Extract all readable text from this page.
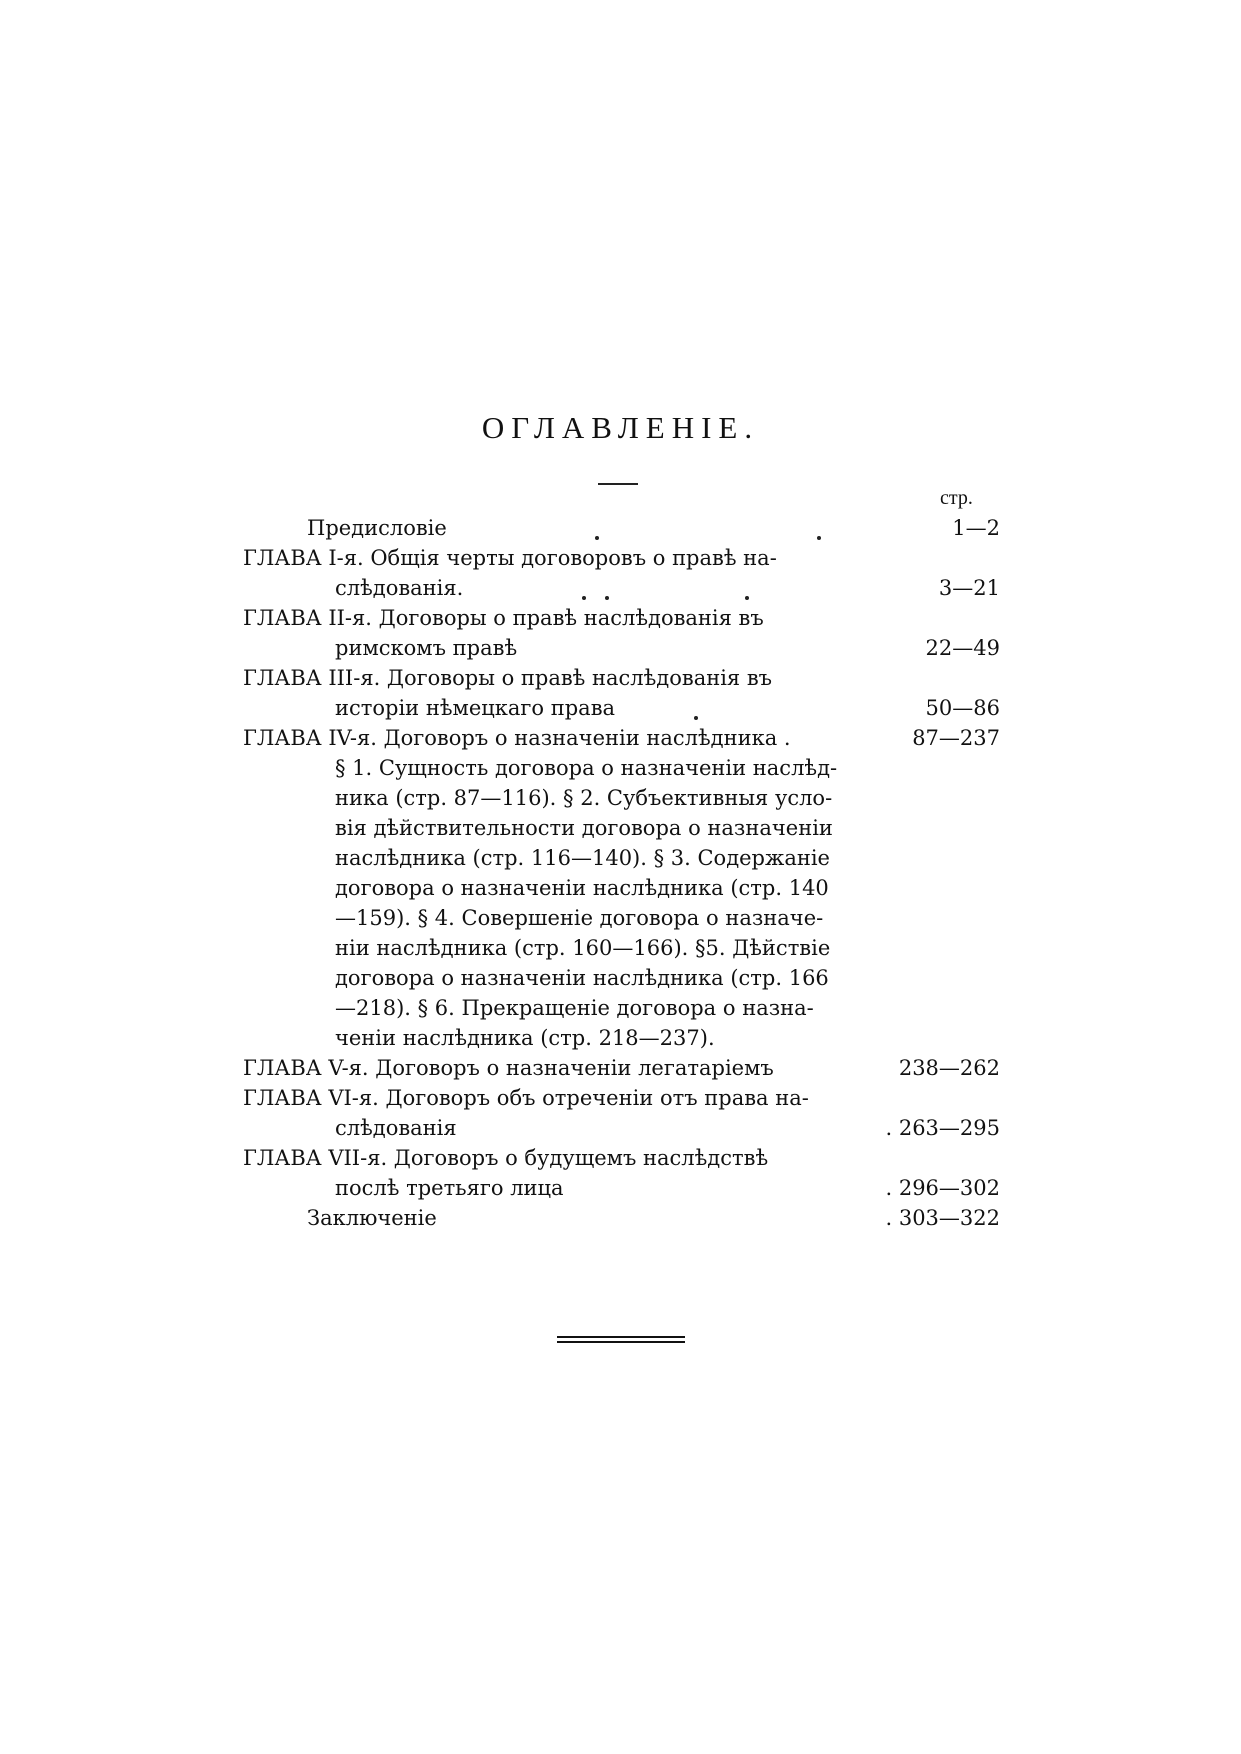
ОГЛАВЛЕНІЕ.
стр.
Предисловіе	1—2
ГЛАВА I-я. Общія черты договоровъ о правѣ на-
слѣдованія.	3—21
ГЛАВА II-я. Договоры о правѣ наслѣдованія въ
римскомъ правѣ	22—49
ГЛАВА III-я. Договоры о правѣ наслѣдованія въ
исторіи нѣмецкаго права	50—86
ГЛАВА IV-я. Договоръ о назначеніи наслѣдника .	87—237
§ 1. Сущность договора о назначеніи наслѣд-
ника (стр. 87—116). § 2. Субъективныя усло-
вія дѣйствительности договора о назначеніи
наслѣдника (стр. 116—140). § 3. Содержаніе
договора о назначеніи наслѣдника (стр. 140
—159). § 4. Совершеніе договора о назначе-
ніи наслѣдника (стр. 160—166). §5. Дѣйствіе
договора о назначеніи наслѣдника (стр. 166
—218). § 6. Прекращеніе договора о назна-
ченіи наслѣдника (стр. 218—237).
ГЛАВА V-я. Договоръ о назначеніи легатаріемъ	238—262
ГЛАВА VI-я. Договоръ объ отреченіи отъ права на-
слѣдованія	. 263—295
ГЛАВА VII-я. Договоръ о будущемъ наслѣдствѣ
послѣ третьяго лица	. 296—302
Заключеніе	. 303—322
